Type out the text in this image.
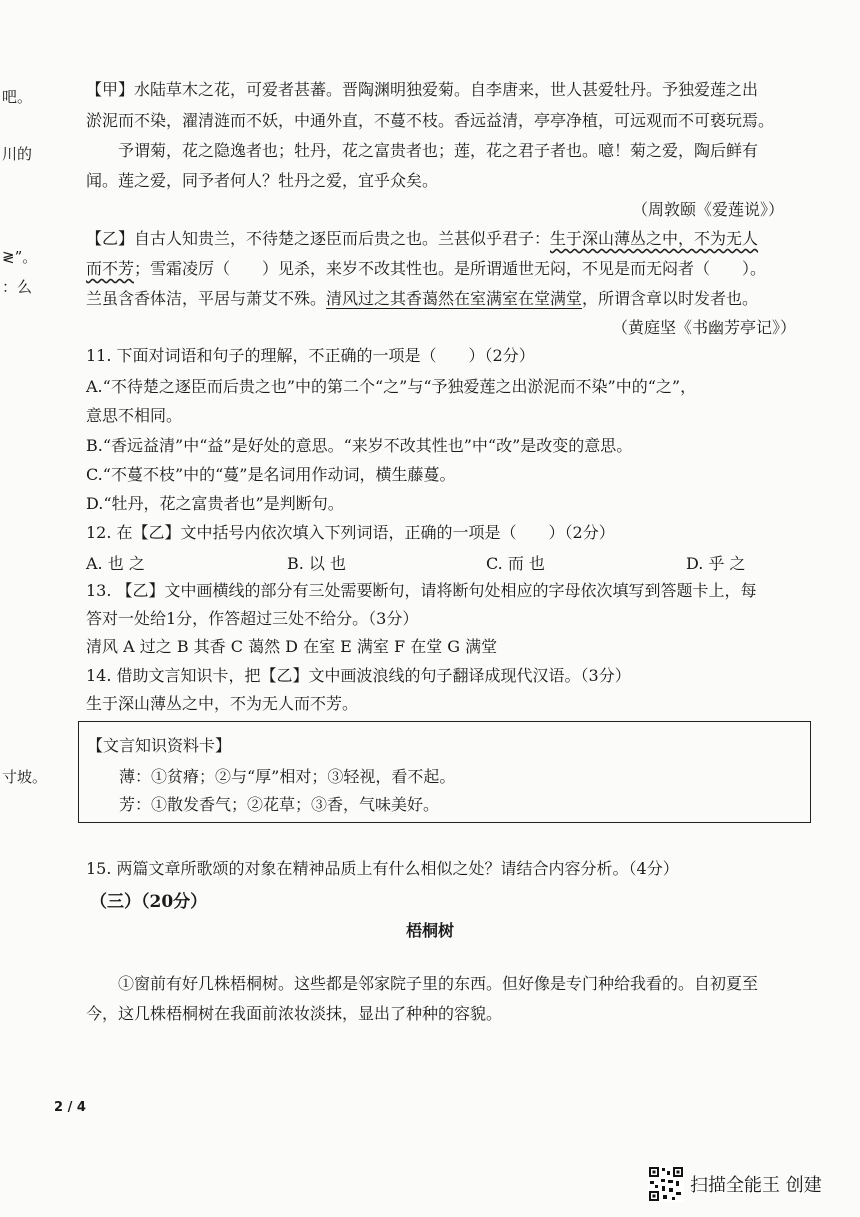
吧。
川的
≷”。
：么
寸坡。
【甲】水陆草木之花，可爱者甚蕃。晋陶渊明独爱菊。自李唐来，世人甚爱牡丹。予独爱莲之出
淤泥而不染，濯清涟而不妖，中通外直，不蔓不枝。香远益清，亭亭净植，可远观而不可亵玩焉。
予谓菊，花之隐逸者也；牡丹，花之富贵者也；莲，花之君子者也。噫！菊之爱，陶后鲜有
闻。莲之爱，同予者何人？牡丹之爱，宜乎众矣。
（周敦颐《爱莲说》）
【乙】自古人知贵兰，不待楚之逐臣而后贵之也。兰甚似乎君子：生于深山薄丛之中，不为无人
而不芳；雪霜凌厉（　　）见杀，来岁不改其性也。是所谓遁世无闷，不见是而无闷者（　　）。
兰虽含香体洁，平居与萧艾不殊。清风过之其香蔼然在室满室在堂满堂，所谓含章以时发者也。
（黄庭坚《书幽芳亭记》）
11. 下面对词语和句子的理解，不正确的一项是（　　）（2分）
A.“不待楚之逐臣而后贵之也”中的第二个“之”与“予独爱莲之出淤泥而不染”中的“之”，
意思不相同。
B.“香远益清”中“益”是好处的意思。“来岁不改其性也”中“改”是改变的意思。
C.“不蔓不枝”中的“蔓”是名词用作动词，横生藤蔓。
D.“牡丹，花之富贵者也”是判断句。
12. 在【乙】文中括号内依次填入下列词语，正确的一项是（　　）（2分）
A. 也 之	B. 以 也	C. 而 也	D. 乎 之
13. 【乙】文中画横线的部分有三处需要断句，请将断句处相应的字母依次填写到答题卡上，每
答对一处给1分，作答超过三处不给分。（3分）
清风 A 过之 B 其香 C 蔼然 D 在室 E 满室 F 在堂 G 满堂
14. 借助文言知识卡，把【乙】文中画波浪线的句子翻译成现代汉语。（3分）
生于深山薄丛之中，不为无人而不芳。
【文言知识资料卡】
薄：①贫瘠；②与“厚”相对；③轻视，看不起。
芳：①散发香气；②花草；③香，气味美好。
15. 两篇文章所歌颂的对象在精神品质上有什么相似之处？请结合内容分析。（4分）
（三）（20分）
梧桐树
①窗前有好几株梧桐树。这些都是邻家院子里的东西。但好像是专门种给我看的。自初夏至
今，这几株梧桐树在我面前浓妆淡抹，显出了种种的容貌。
2 / 4
扫描全能王 创建
